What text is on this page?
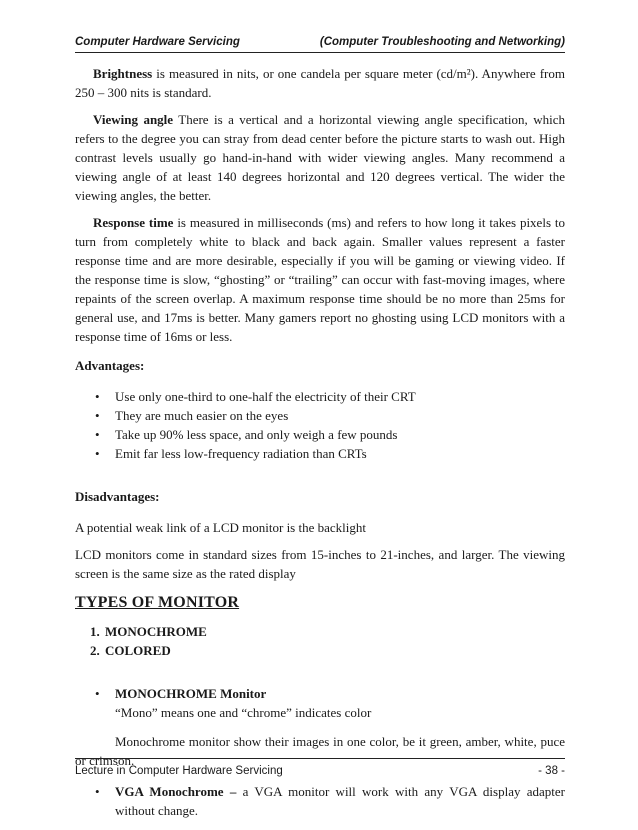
Computer Hardware Servicing	(Computer Troubleshooting and Networking)

Brightness is measured in nits, or one candela per square meter (cd/m²). Anywhere from 250 – 300 nits is standard.

Viewing angle There is a vertical and a horizontal viewing angle specification, which refers to the degree you can stray from dead center before the picture starts to wash out. High contrast levels usually go hand-in-hand with wider viewing angles. Many recommend a viewing angle of at least 140 degrees horizontal and 120 degrees vertical. The wider the viewing angles, the better.

Response time is measured in milliseconds (ms) and refers to how long it takes pixels to turn from completely white to black and back again. Smaller values represent a faster response time and are more desirable, especially if you will be gaming or viewing video. If the response time is slow, “ghosting” or “trailing” can occur with fast-moving images, where repaints of the screen overlap. A maximum response time should be no more than 25ms for general use, and 17ms is better. Many gamers report no ghosting using LCD monitors with a response time of 16ms or less.

Advantages:
• Use only one-third to one-half the electricity of their CRT
• They are much easier on the eyes
• Take up 90% less space, and only weigh a few pounds
• Emit far less low-frequency radiation than CRTs
Disadvantages:

A potential weak link of a LCD monitor is the backlight

LCD monitors come in standard sizes from 15-inches to 21-inches, and larger. The viewing screen is the same size as the rated display

TYPES OF MONITOR
1. MONOCHROME
2. COLORED
• MONOCHROME Monitor
“Mono” means one and “chrome” indicates color

Monochrome monitor show their images in one color, be it green, amber, white, puce or crimson.

• VGA Monochrome – a VGA monitor will work with any VGA display adapter without change.
Lecture in Computer Hardware Servicing	- 38 -
